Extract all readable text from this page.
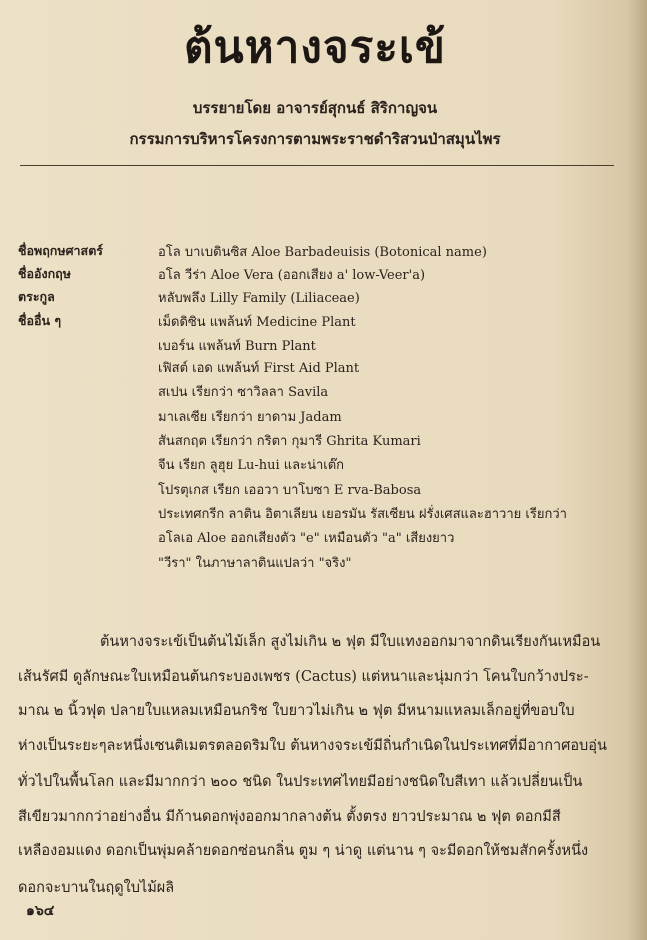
ต้นหางจระเข้
บรรยายโดย อาจารย์สุกนธ์ สิริกาญจน
กรรมการบริหารโครงการตามพระราชดำริสวนป่าสมุนไพร
ชื่อพฤกษศาสตร์	อโล บาเบดินซิส Aloe Barbadeuisis (Botonical name)
ชื่ออังกฤษ	อโล วีร่า Aloe Vera (ออกเสียง a' low-Veer'a)
ตระกูล	หลับพลึง Lilly Family (Liliaceae)
ชื่ออื่น ๆ	เม็ดดิซิน แพล้นท์ Medicine Plant
เบอร์น แพล้นท์ Burn Plant
เฟิสต์ เอด แพล้นท์ First Aid Plant
สเปน เรียกว่า ซาวิลลา Savila
มาเลเซีย เรียกว่า ยาดาม Jadam
สันสกฤต เรียกว่า กริตา กุมารี Ghrita Kumari
จีน เรียก ลูฮุย Lu-hui และน่าเต๊ก
โปรตุเกส เรียก เออวา บาโบซา E rva-Babosa
ประเทศกรีก ลาติน อิตาเลียน เยอรมัน รัสเซียน ฝรั่งเศสและฮาวาย เรียกว่า
อโลเอ Aloe ออกเสียงตัว "e" เหมือนตัว "a" เสียงยาว
"วีรา" ในภาษาลาตินแปลว่า "จริง"
ต้นหางจระเข้เป็นต้นไม้เล็ก สูงไม่เกิน ๒ ฟุต มีใบแทงออกมาจากดินเรียงกันเหมือน
เส้นรัศมี ดูลักษณะใบเหมือนต้นกระบองเพชร (Cactus) แต่หนาและนุ่มกว่า โคนใบกว้างประ-
มาณ ๒ นิ้วฟุต ปลายใบแหลมเหมือนกริช ใบยาวไม่เกิน ๒ ฟุต มีหนามแหลมเล็กอยู่ที่ขอบใบ
ห่างเป็นระยะๆละหนึ่งเซนติเมตรตลอดริมใบ ต้นหางจระเข้มีถิ่นกำเนิดในประเทศที่มีอากาศอบอุ่น
ทั่วไปในพื้นโลก และมีมากกว่า ๒๐๐ ชนิด ในประเทศไทยมีอย่างชนิดใบสีเทา แล้วเปลี่ยนเป็น
สีเขียวมากกว่าอย่างอื่น มีก้านดอกพุ่งออกมากลางต้น ตั้งตรง ยาวประมาณ ๒ ฟุต ดอกมีสี
เหลืองอมแดง ดอกเป็นพุ่มคล้ายดอกซ่อนกลิ่น ตูม ๆ น่าดู แต่นาน ๆ จะมีดอกให้ชมสักครั้งหนึ่ง
ดอกจะบานในฤดูใบไม้ผลิ
๑๖๔
